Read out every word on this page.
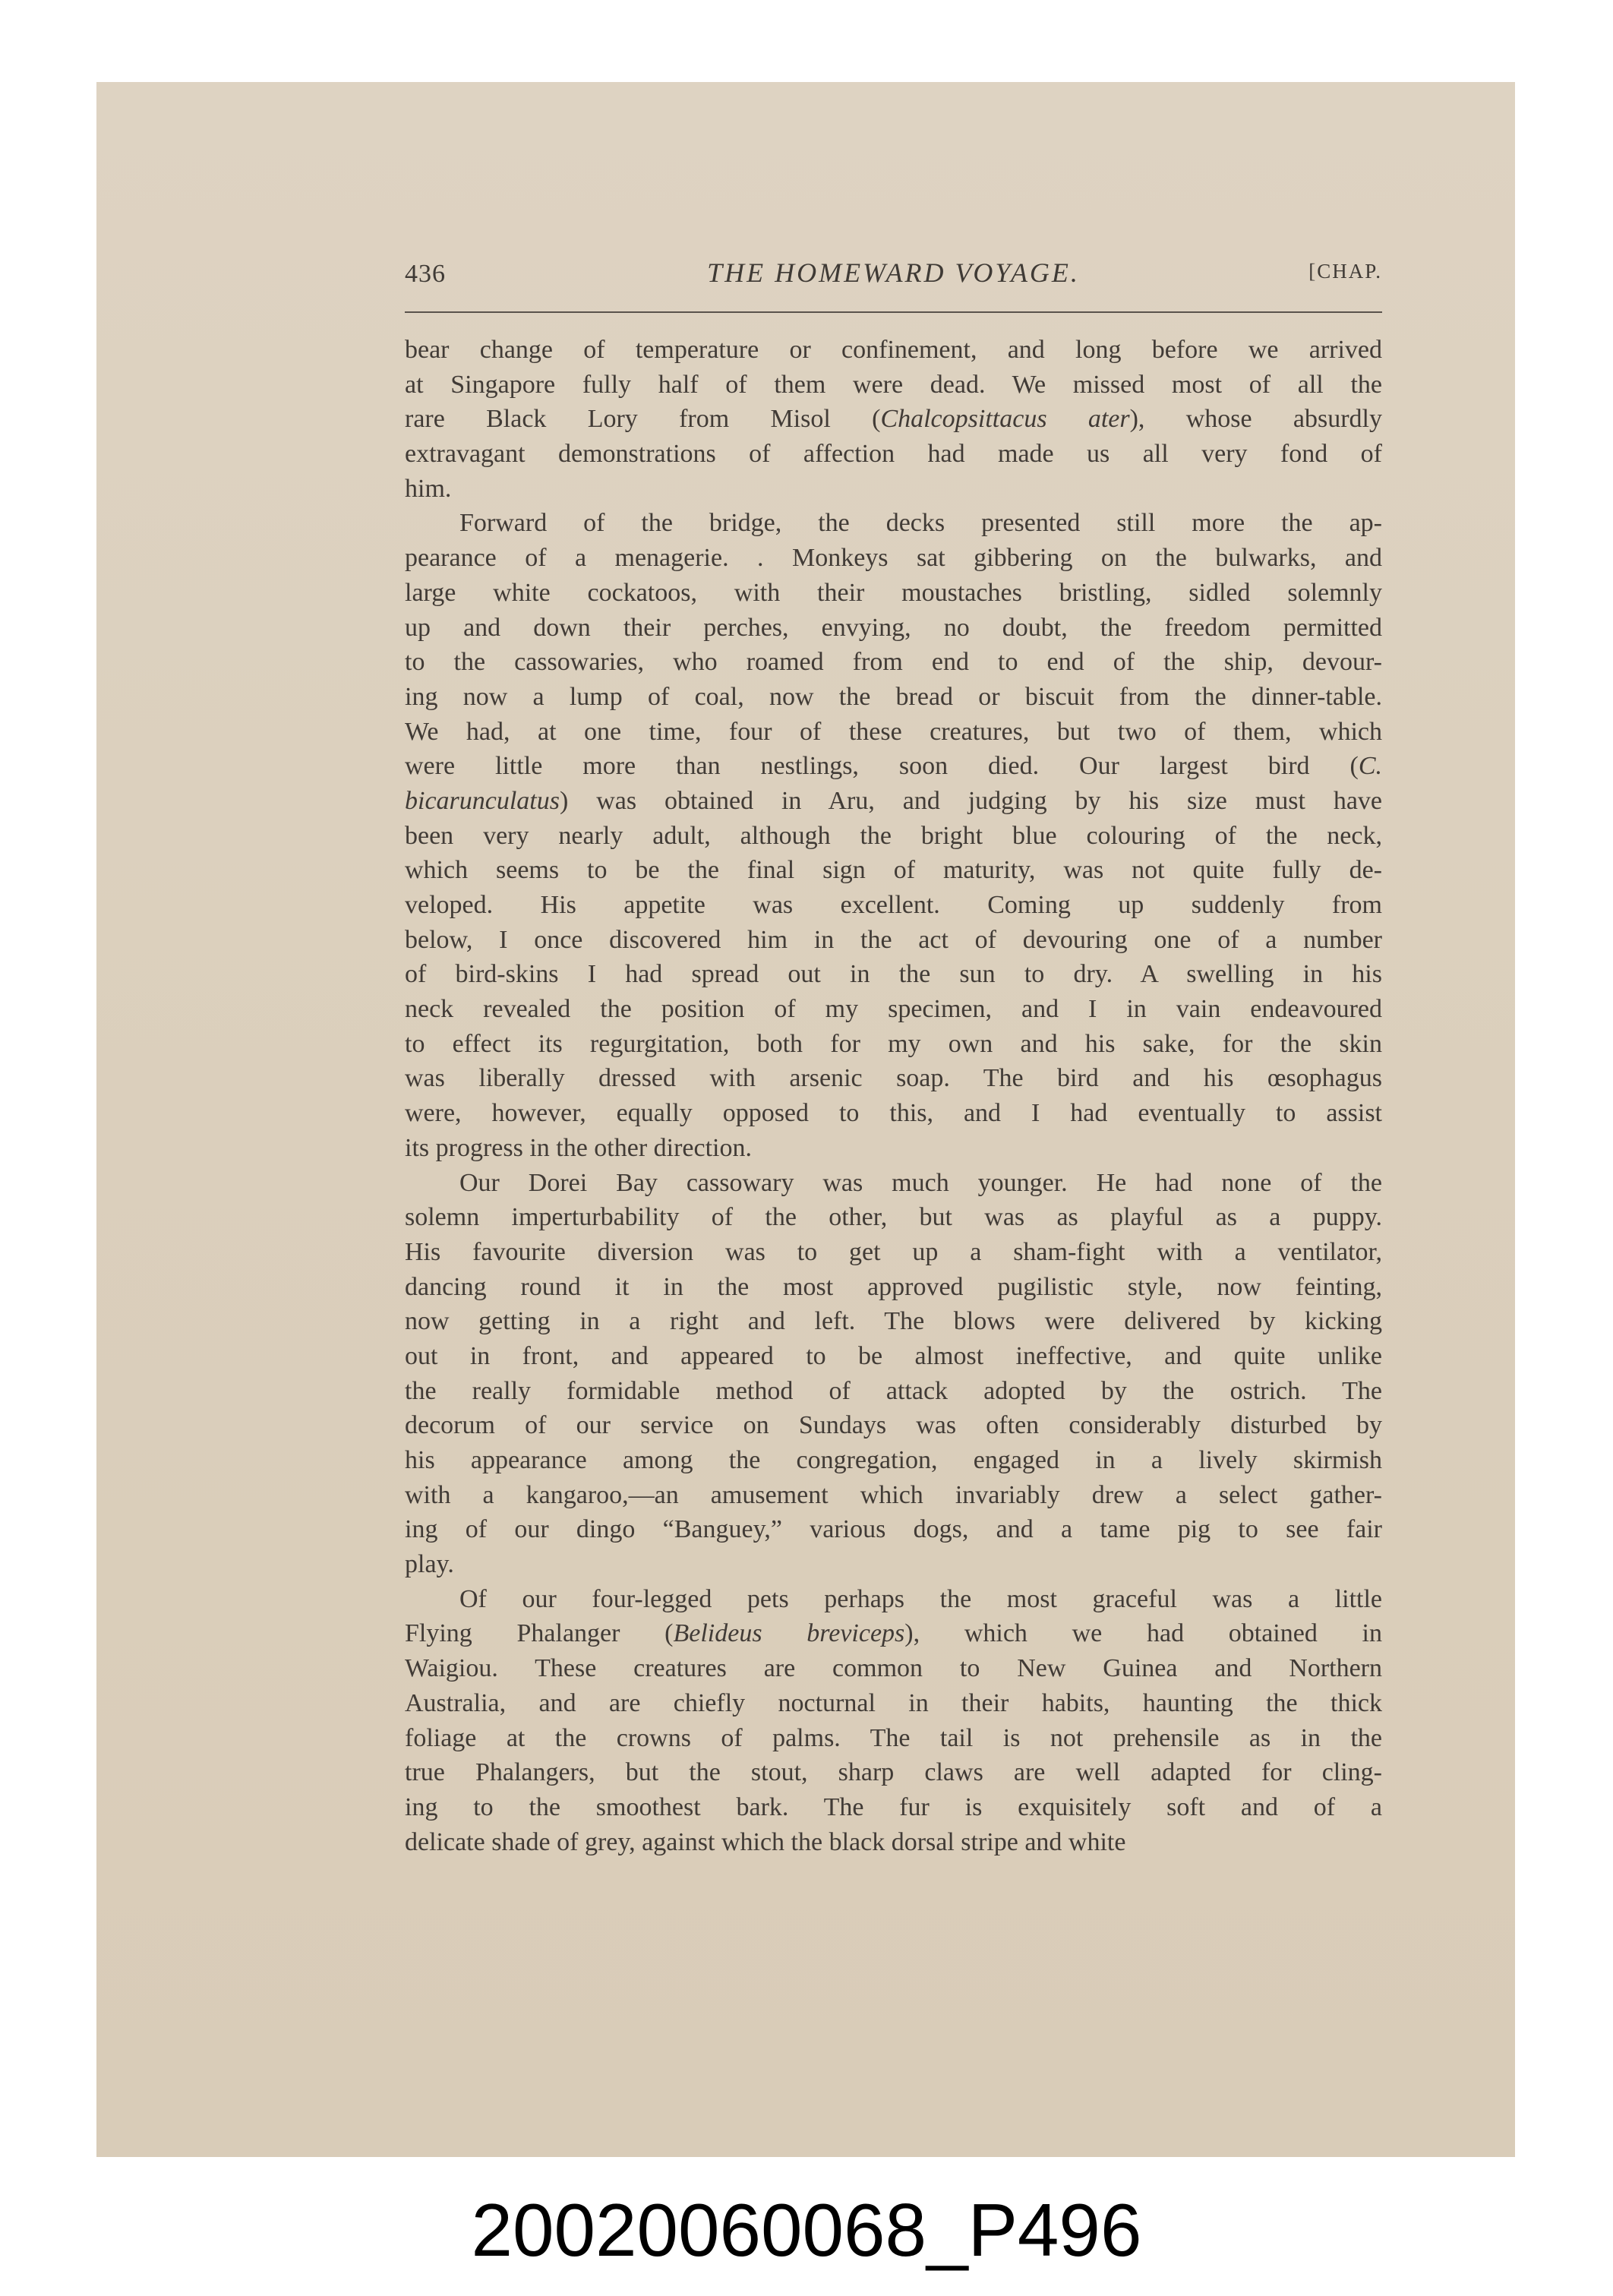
436	THE HOMEWARD VOYAGE.	[CHAP.
bear change of temperature or confinement, and long before we arrived
at Singapore fully half of them were dead. We missed most of all the
rare Black Lory from Misol (Chalcopsittacus ater), whose absurdly
extravagant demonstrations of affection had made us all very fond of
him.
Forward of the bridge, the decks presented still more the ap-
pearance of a menagerie. . Monkeys sat gibbering on the bulwarks, and
large white cockatoos, with their moustaches bristling, sidled solemnly
up and down their perches, envying, no doubt, the freedom permitted
to the cassowaries, who roamed from end to end of the ship, devour-
ing now a lump of coal, now the bread or biscuit from the dinner-table.
We had, at one time, four of these creatures, but two of them, which
were little more than nestlings, soon died. Our largest bird (C.
bicarunculatus) was obtained in Aru, and judging by his size must have
been very nearly adult, although the bright blue colouring of the neck,
which seems to be the final sign of maturity, was not quite fully de-
veloped. His appetite was excellent. Coming up suddenly from
below, I once discovered him in the act of devouring one of a number
of bird-skins I had spread out in the sun to dry. A swelling in his
neck revealed the position of my specimen, and I in vain endeavoured
to effect its regurgitation, both for my own and his sake, for the skin
was liberally dressed with arsenic soap. The bird and his œsophagus
were, however, equally opposed to this, and I had eventually to assist
its progress in the other direction.
Our Dorei Bay cassowary was much younger. He had none of the
solemn imperturbability of the other, but was as playful as a puppy.
His favourite diversion was to get up a sham-fight with a ventilator,
dancing round it in the most approved pugilistic style, now feinting,
now getting in a right and left. The blows were delivered by kicking
out in front, and appeared to be almost ineffective, and quite unlike
the really formidable method of attack adopted by the ostrich. The
decorum of our service on Sundays was often considerably disturbed by
his appearance among the congregation, engaged in a lively skirmish
with a kangaroo,—an amusement which invariably drew a select gather-
ing of our dingo “Banguey,” various dogs, and a tame pig to see fair
play.
Of our four-legged pets perhaps the most graceful was a little
Flying Phalanger (Belideus breviceps), which we had obtained in
Waigiou. These creatures are common to New Guinea and Northern
Australia, and are chiefly nocturnal in their habits, haunting the thick
foliage at the crowns of palms. The tail is not prehensile as in the
true Phalangers, but the stout, sharp claws are well adapted for cling-
ing to the smoothest bark. The fur is exquisitely soft and of a
delicate shade of grey, against which the black dorsal stripe and white
20020060068_P496
